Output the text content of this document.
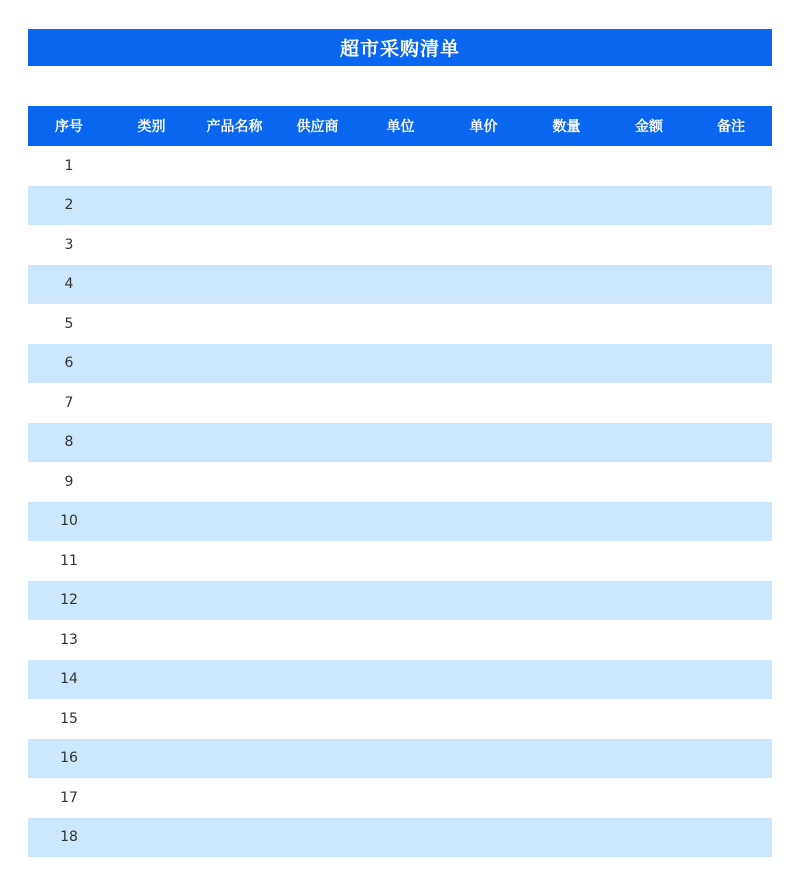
超市采购清单
序号	类别	产品名称	供应商	单位	单价	数量	金额	备注
1								
2								
3								
4								
5								
6								
7								
8								
9								
10								
11								
12								
13								
14								
15								
16								
17								
18								
